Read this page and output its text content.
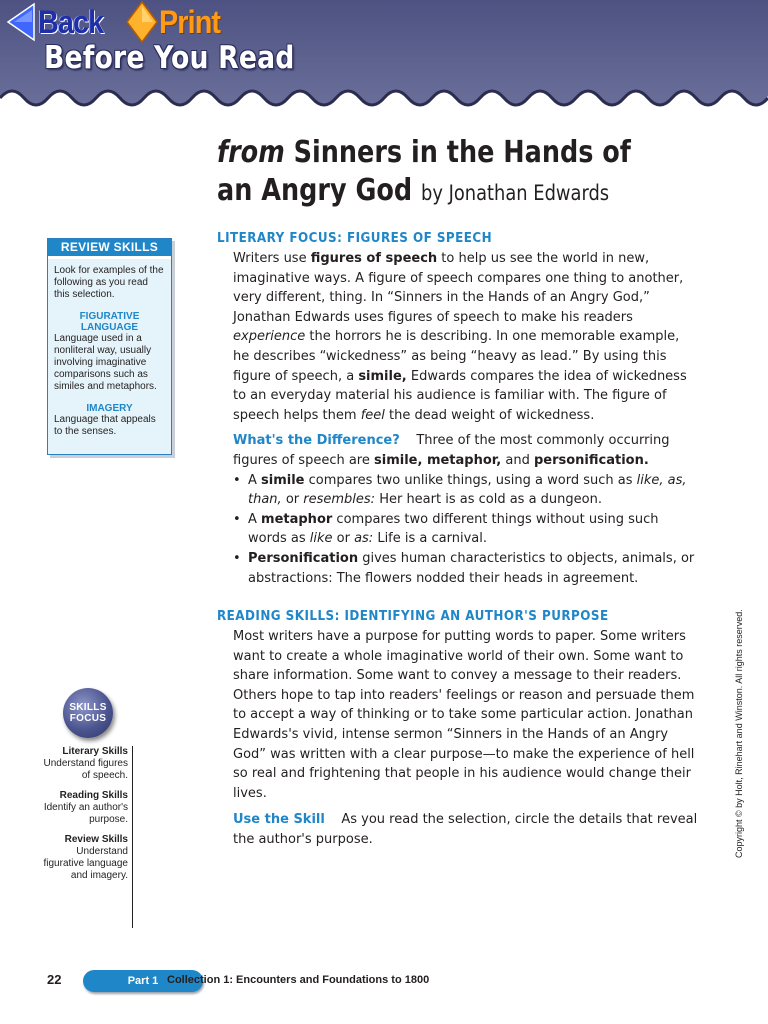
Back Print
Before You Read
from Sinners in the Hands of an Angry God by Jonathan Edwards
REVIEW SKILLS
Look for examples of the following as you read this selection.
FIGURATIVE LANGUAGE
Language used in a nonliteral way, usually involving imaginative comparisons such as similes and metaphors.
IMAGERY
Language that appeals to the senses.
SKILLS
FOCUS
Literary Skills
Understand figures of speech.
Reading Skills
Identify an author's purpose.
Review Skills
Understand figurative language and imagery.
LITERARY FOCUS: FIGURES OF SPEECH

Writers use figures of speech to help us see the world in new, imaginative ways. A figure of speech compares one thing to another, very different, thing. In “Sinners in the Hands of an Angry God,” Jonathan Edwards uses figures of speech to make his readers experience the horrors he is describing. In one memorable example, he describes “wickedness” as being “heavy as lead.” By using this figure of speech, a simile, Edwards compares the idea of wickedness to an everyday material his audience is familiar with. The figure of speech helps them feel the dead weight of wickedness.

What's the Difference? Three of the most commonly occurring figures of speech are simile, metaphor, and personification.

• A simile compares two unlike things, using a word such as like, as, than, or resembles: Her heart is as cold as a dungeon.
• A metaphor compares two different things without using such words as like or as: Life is a carnival.
• Personification gives human characteristics to objects, animals, or abstractions: The flowers nodded their heads in agreement.
READING SKILLS: IDENTIFYING AN AUTHOR'S PURPOSE

Most writers have a purpose for putting words to paper. Some writers want to create a whole imaginative world of their own. Some want to share information. Some want to convey a message to their readers. Others hope to tap into readers' feelings or reason and persuade them to accept a way of thinking or to take some particular action. Jonathan Edwards's vivid, intense sermon “Sinners in the Hands of an Angry God” was written with a clear purpose—to make the experience of hell so real and frightening that people in his audience would change their lives.

Use the Skill As you read the selection, circle the details that reveal the author's purpose.	Copyright © by Holt, Rinehart and Winston. All rights reserved.
22	Part 1 Collection 1: Encounters and Foundations to 1800
